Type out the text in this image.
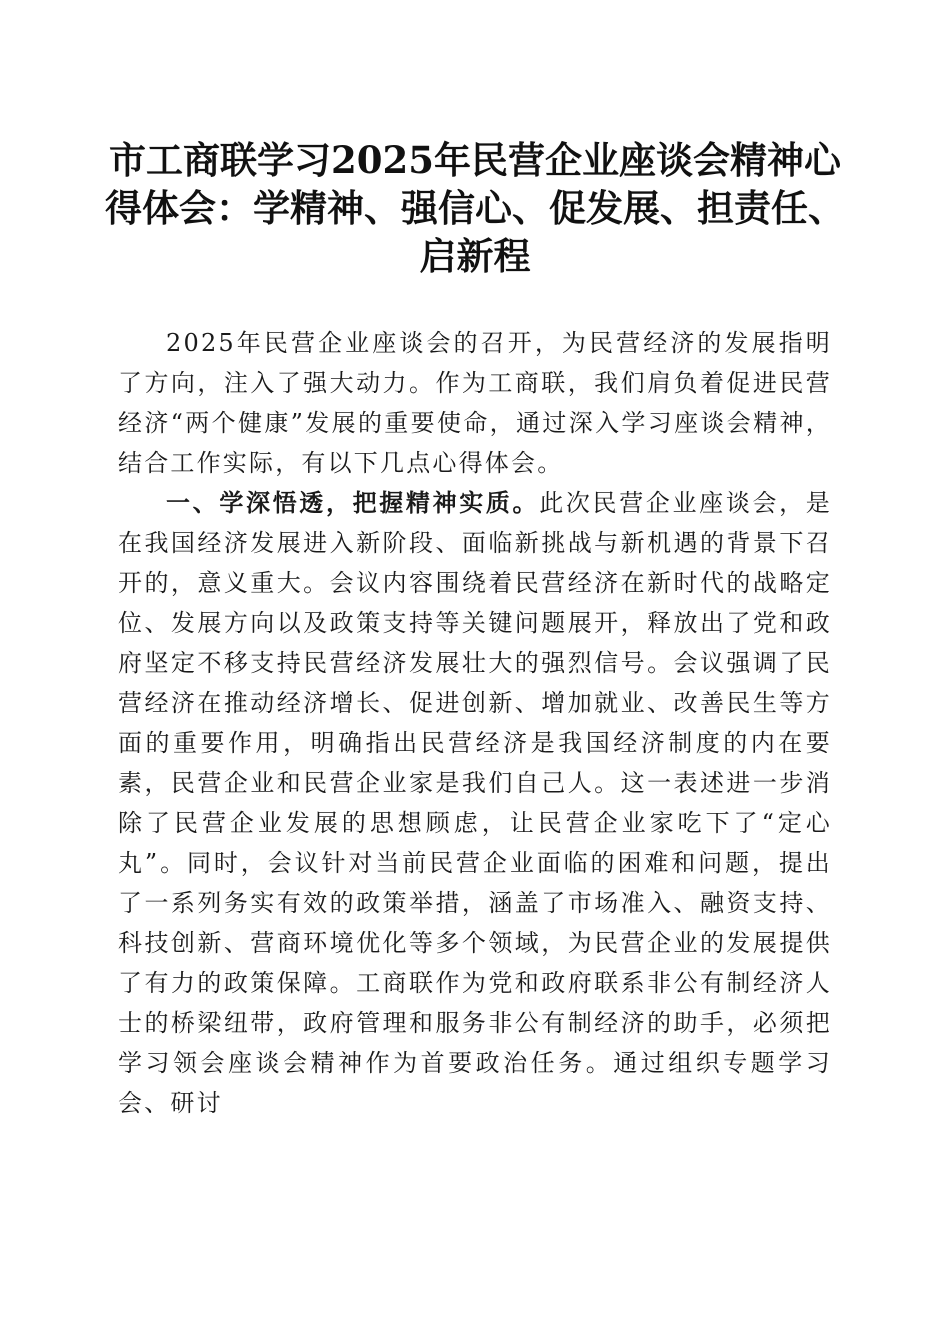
市工商联学习2025年民营企业座谈会精神心得体会：学精神、强信心、促发展、担责任、启新程

2025年民营企业座谈会的召开，为民营经济的发展指明了方向，注入了强大动力。作为工商联，我们肩负着促进民营经济“两个健康”发展的重要使命，通过深入学习座谈会精神，结合工作实际，有以下几点心得体会。

一、学深悟透，把握精神实质。此次民营企业座谈会，是在我国经济发展进入新阶段、面临新挑战与新机遇的背景下召开的，意义重大。会议内容围绕着民营经济在新时代的战略定位、发展方向以及政策支持等关键问题展开，释放出了党和政府坚定不移支持民营经济发展壮大的强烈信号。会议强调了民营经济在推动经济增长、促进创新、增加就业、改善民生等方面的重要作用，明确指出民营经济是我国经济制度的内在要素，民营企业和民营企业家是我们自己人。这一表述进一步消除了民营企业发展的思想顾虑，让民营企业家吃下了“定心丸”。同时，会议针对当前民营企业面临的困难和问题，提出了一系列务实有效的政策举措，涵盖了市场准入、融资支持、科技创新、营商环境优化等多个领域，为民营企业的发展提供了有力的政策保障。工商联作为党和政府联系非公有制经济人士的桥梁纽带，政府管理和服务非公有制经济的助手，必须把学习领会座谈会精神作为首要政治任务。通过组织专题学习会、研讨
